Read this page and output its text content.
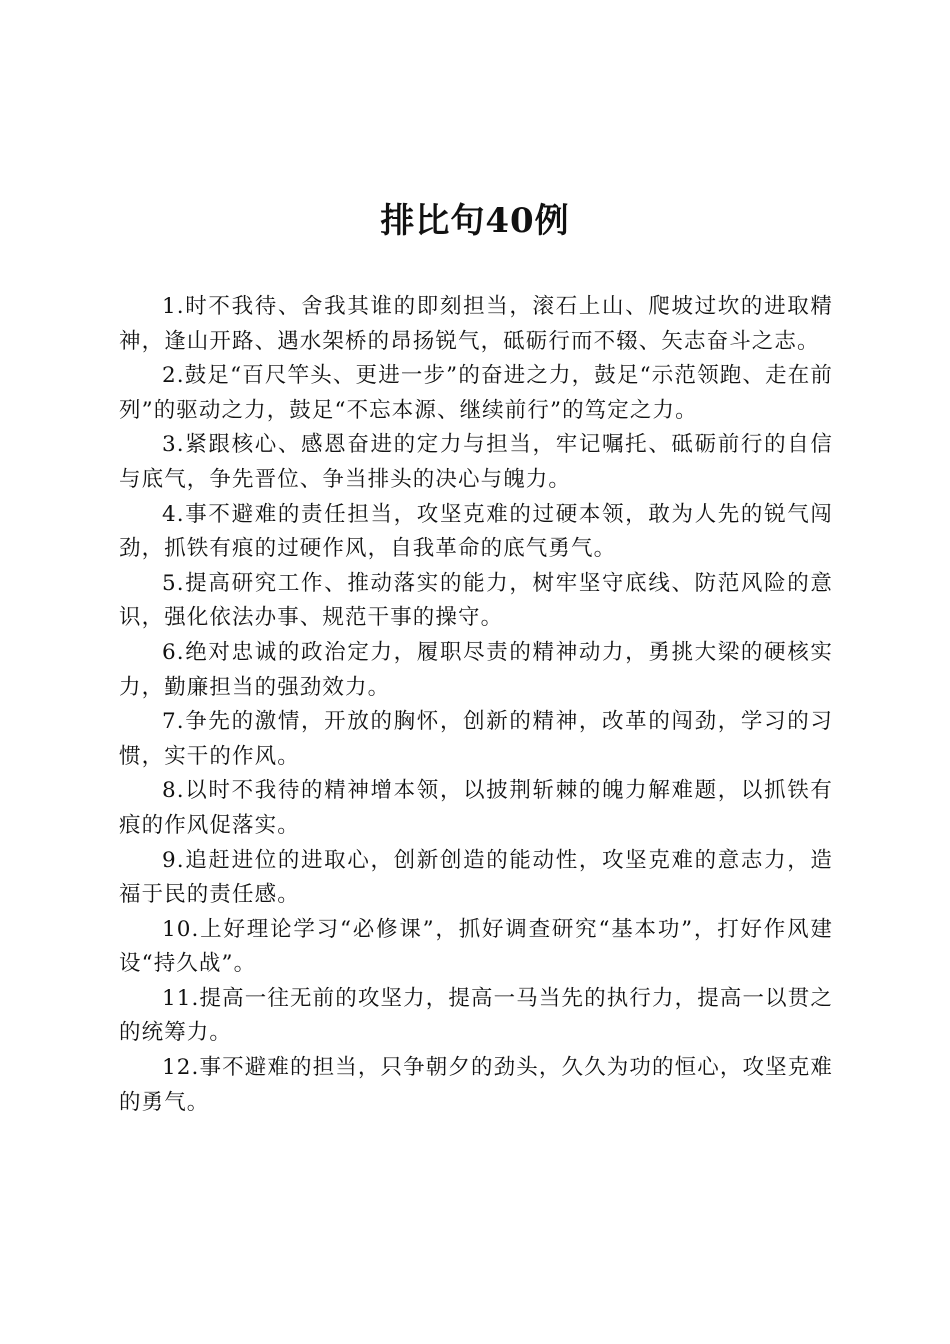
排比句40例

1.时不我待、舍我其谁的即刻担当，滚石上山、爬坡过坎的进取精神，逢山开路、遇水架桥的昂扬锐气，砥砺行而不辍、矢志奋斗之志。

2.鼓足“百尺竿头、更进一步”的奋进之力，鼓足“示范领跑、走在前列”的驱动之力，鼓足“不忘本源、继续前行”的笃定之力。

3.紧跟核心、感恩奋进的定力与担当，牢记嘱托、砥砺前行的自信与底气，争先晋位、争当排头的决心与魄力。

4.事不避难的责任担当，攻坚克难的过硬本领，敢为人先的锐气闯劲，抓铁有痕的过硬作风，自我革命的底气勇气。

5.提高研究工作、推动落实的能力，树牢坚守底线、防范风险的意识，强化依法办事、规范干事的操守。

6.绝对忠诚的政治定力，履职尽责的精神动力，勇挑大梁的硬核实力，勤廉担当的强劲效力。

7.争先的激情，开放的胸怀，创新的精神，改革的闯劲，学习的习惯，实干的作风。

8.以时不我待的精神增本领，以披荆斩棘的魄力解难题，以抓铁有痕的作风促落实。

9.追赶进位的进取心，创新创造的能动性，攻坚克难的意志力，造福于民的责任感。

10.上好理论学习“必修课”，抓好调查研究“基本功”，打好作风建设“持久战”。

11.提高一往无前的攻坚力，提高一马当先的执行力，提高一以贯之的统筹力。

12.事不避难的担当，只争朝夕的劲头，久久为功的恒心，攻坚克难的勇气。
